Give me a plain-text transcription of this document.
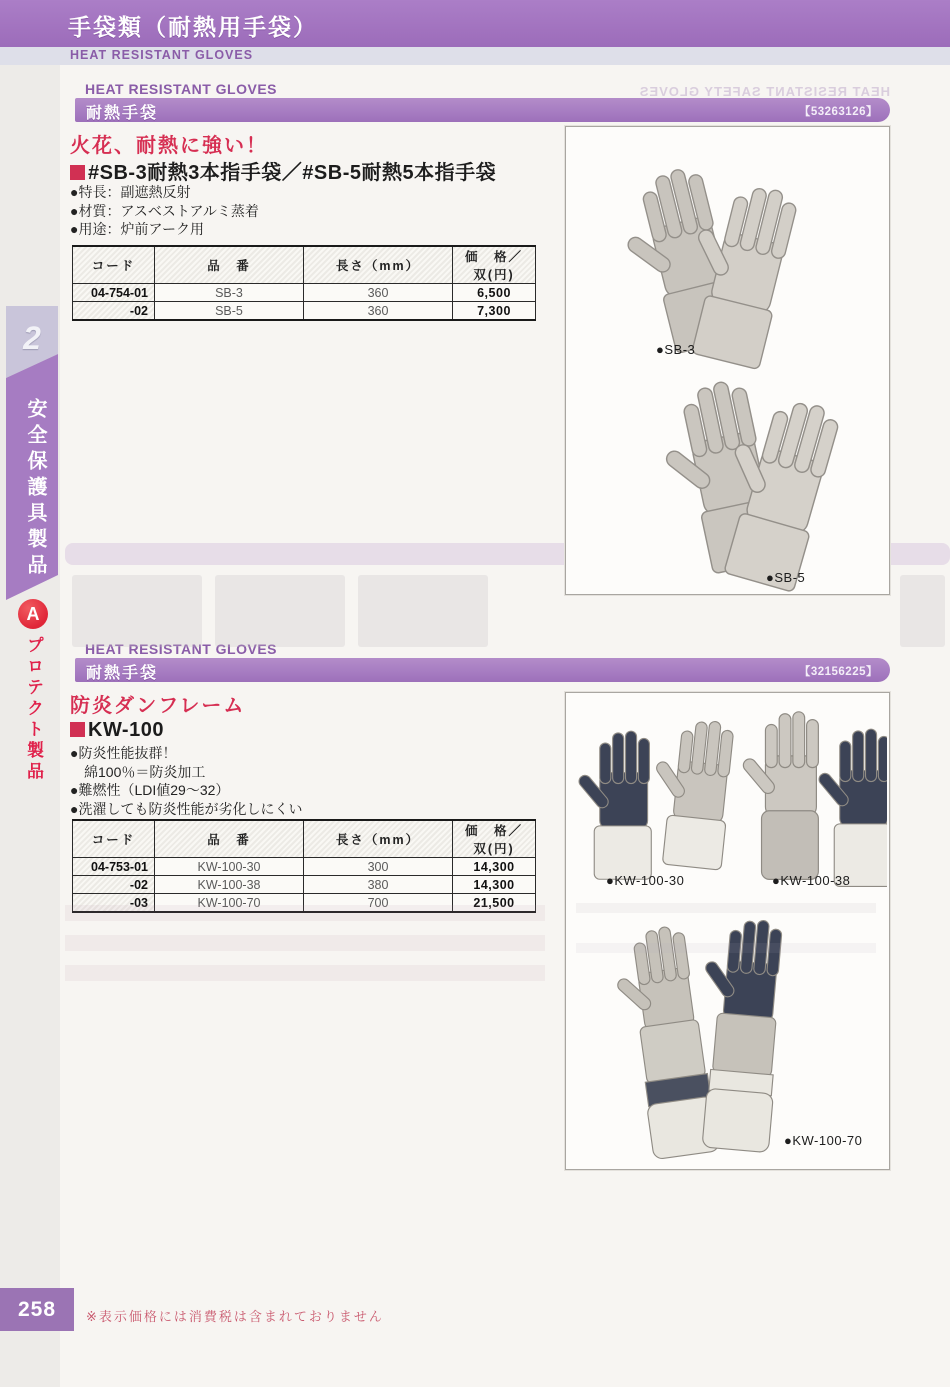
手袋類（耐熱用手袋）
HEAT RESISTANT GLOVES
HEAT RESISTANT SAFETY GLOVES
HEAT RESISTANT GLOVES
耐熱手袋	【53263126】
火花、耐熱に強い！
#SB-3耐熱3本指手袋／#SB-5耐熱5本指手袋
●特長：副遮熱反射
●材質：アスベストアルミ蒸着
●用途：炉前アーク用
コード	品　番	長さ（mm）	価　格／双(円)
04-754-01	SB-3	360	6,500
-02	SB-5	360	7,300
●SB-3
●SB-5
HEAT RESISTANT GLOVES
耐熱手袋	【32156225】
防炎ダンフレーム
KW-100
●防炎性能抜群！
綿100％＝防炎加工
●難燃性（LDI値29～32）
●洗濯しても防炎性能が劣化しにくい
コード	品　番	長さ（mm）	価　格／双(円)
04-753-01	KW-100-30	300	14,300
-02	KW-100-38	380	14,300
-03	KW-100-70	700	21,500
●KW-100-30	●KW-100-38
●KW-100-70
2
安全保護具製品
A
プロテクト製品
258	※表示価格には消費税は含まれておりません
